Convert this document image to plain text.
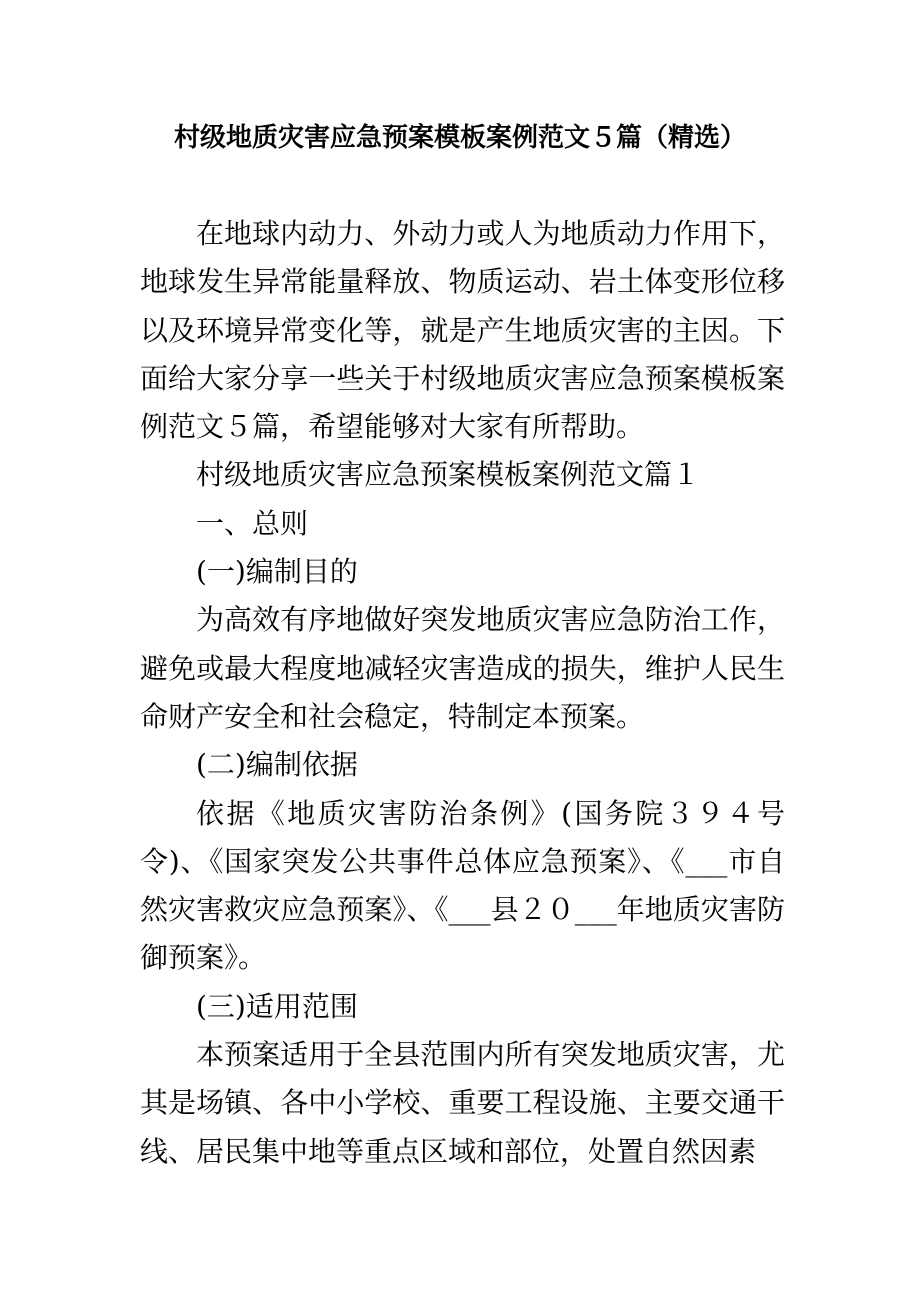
村级地质灾害应急预案模板案例范文５篇（精选）

在地球内动力、外动力或人为地质动力作用下，地球发生异常能量释放、物质运动、岩土体变形位移以及环境异常变化等，就是产生地质灾害的主因。下面给大家分享一些关于村级地质灾害应急预案模板案例范文５篇，希望能够对大家有所帮助。

村级地质灾害应急预案模板案例范文篇１

一、总则

(一)编制目的

为高效有序地做好突发地质灾害应急防治工作，避免或最大程度地减轻灾害造成的损失，维护人民生命财产安全和社会稳定，特制定本预案。

(二)编制依据

依据《地质灾害防治条例》(国务院３９４号令)、《国家突发公共事件总体应急预案》、《___市自然灾害救灾应急预案》、《___县２０___年地质灾害防御预案》。

(三)适用范围

本预案适用于全县范围内所有突发地质灾害，尤其是场镇、各中小学校、重要工程设施、主要交通干线、居民集中地等重点区域和部位，处置自然因素
